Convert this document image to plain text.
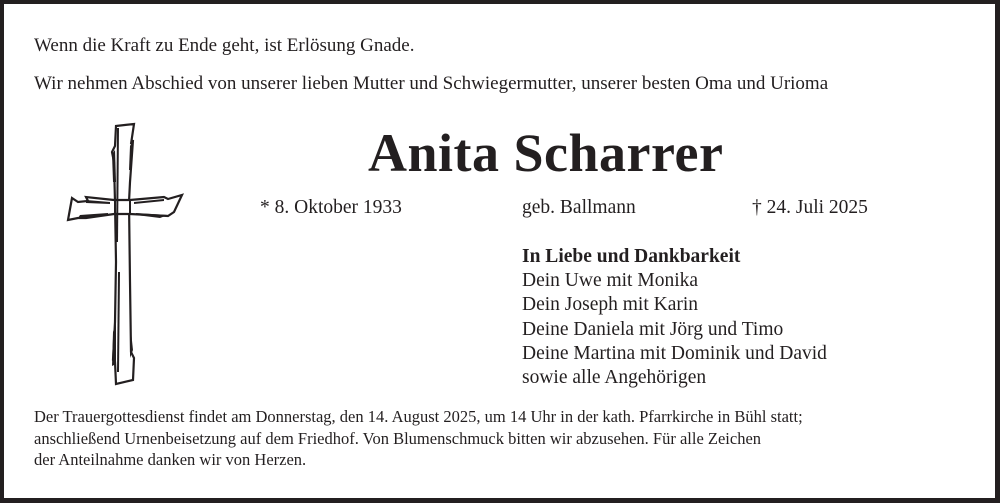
Wenn die Kraft zu Ende geht, ist Erlösung Gnade.
Wir nehmen Abschied von unserer lieben Mutter und Schwiegermutter, unserer besten Oma und Urioma
Anita Scharrer
* 8. Oktober 1933	geb. Ballmann	† 24. Juli 2025
In Liebe und Dankbarkeit
Dein Uwe mit Monika
Dein Joseph mit Karin
Deine Daniela mit Jörg und Timo
Deine Martina mit Dominik und David
sowie alle Angehörigen
Der Trauergottesdienst findet am Donnerstag, den 14. August 2025, um 14 Uhr in der kath. Pfarrkirche in Bühl statt;
anschließend Urnenbeisetzung auf dem Friedhof. Von Blumenschmuck bitten wir abzusehen. Für alle Zeichen
der Anteilnahme danken wir von Herzen.
